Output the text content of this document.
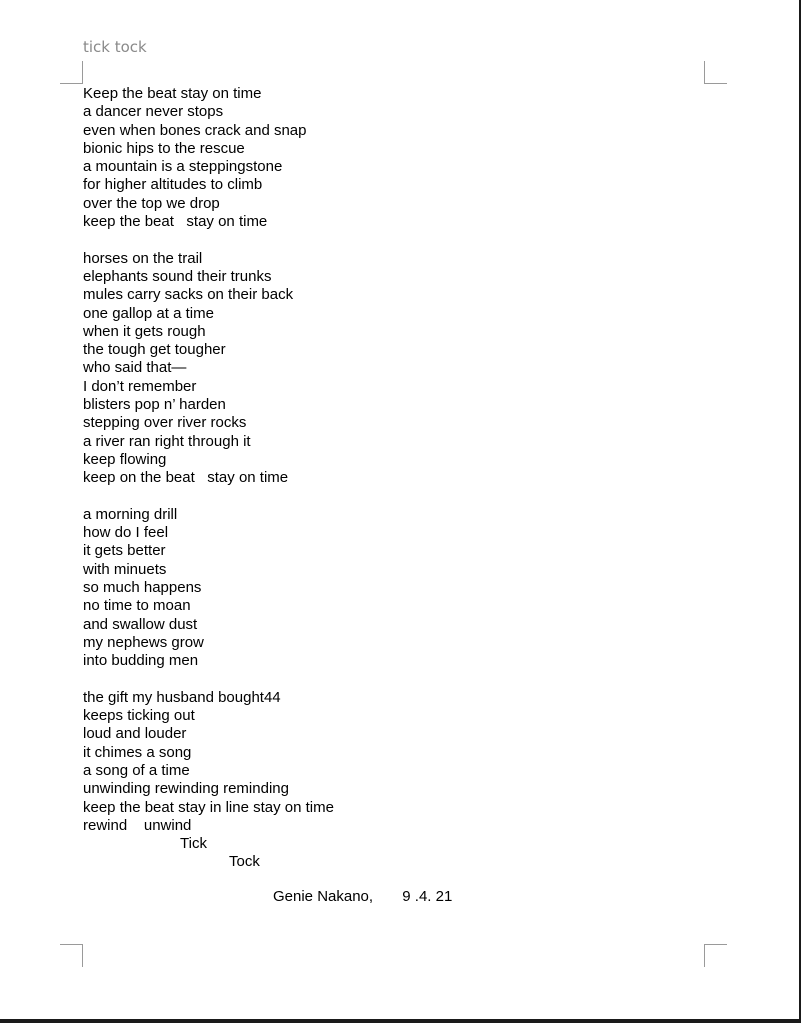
tick tock
Keep the beat stay on time
a dancer never stops
even when bones crack and snap
bionic hips to the rescue
a mountain is a steppingstone
for higher altitudes to climb
over the top we drop
keep the beat   stay on time
horses on the trail
elephants sound their trunks
mules carry sacks on their back
one gallop at a time
when it gets rough
the tough get tougher
who said that—
I don’t remember
blisters pop n’ harden
stepping over river rocks
a river ran right through it
keep flowing
keep on the beat   stay on time
a morning drill
how do I feel
it gets better
with minuets
so much happens
no time to moan
and swallow dust
my nephews grow
into budding men
the gift my husband bought44
keeps ticking out
loud and louder
it chimes a song
a song of a time
unwinding rewinding reminding
keep the beat stay in line stay on time
rewind    unwind
Tick
Tock
Genie Nakano, 9 .4. 21
